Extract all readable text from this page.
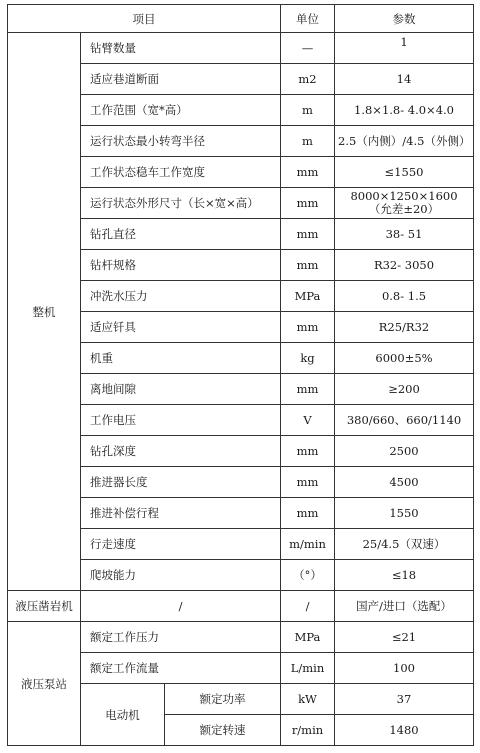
项目			单位	参数
整机	钻臂数量		—	1
	适应巷道断面		m2	14
	工作范围（宽*高）		m	1.8×1.8- 4.0×4.0
	运行状态最小转弯半径		m	2.5（内侧）/4.5（外侧）
	工作状态稳车工作宽度		mm	≤1550
	运行状态外形尺寸（长×宽×高）		mm	8000×1250×1600
（允差±20）

	钻孔直径		mm	38- 51
	钻杆规格		mm	R32- 3050
	冲洗水压力		MPa	0.8- 1.5
	适应钎具		mm	R25/R32
	机重		kg	6000±5%
	离地间隙		mm	≥200
	工作电压		V	380/660、660/1140
	钻孔深度		mm	2500
	推进器长度		mm	4500
	推进补偿行程		mm	1550
	行走速度		m/min	25/4.5（双速）
	爬坡能力		（°）	≤18
液压凿岩机	/		/	国产/进口（选配）
液压泵站	额定工作压力		MPa	≤21
	额定工作流量		L/min	100
	电动机	额定功率	kW	37
		额定转速	r/min	1480
